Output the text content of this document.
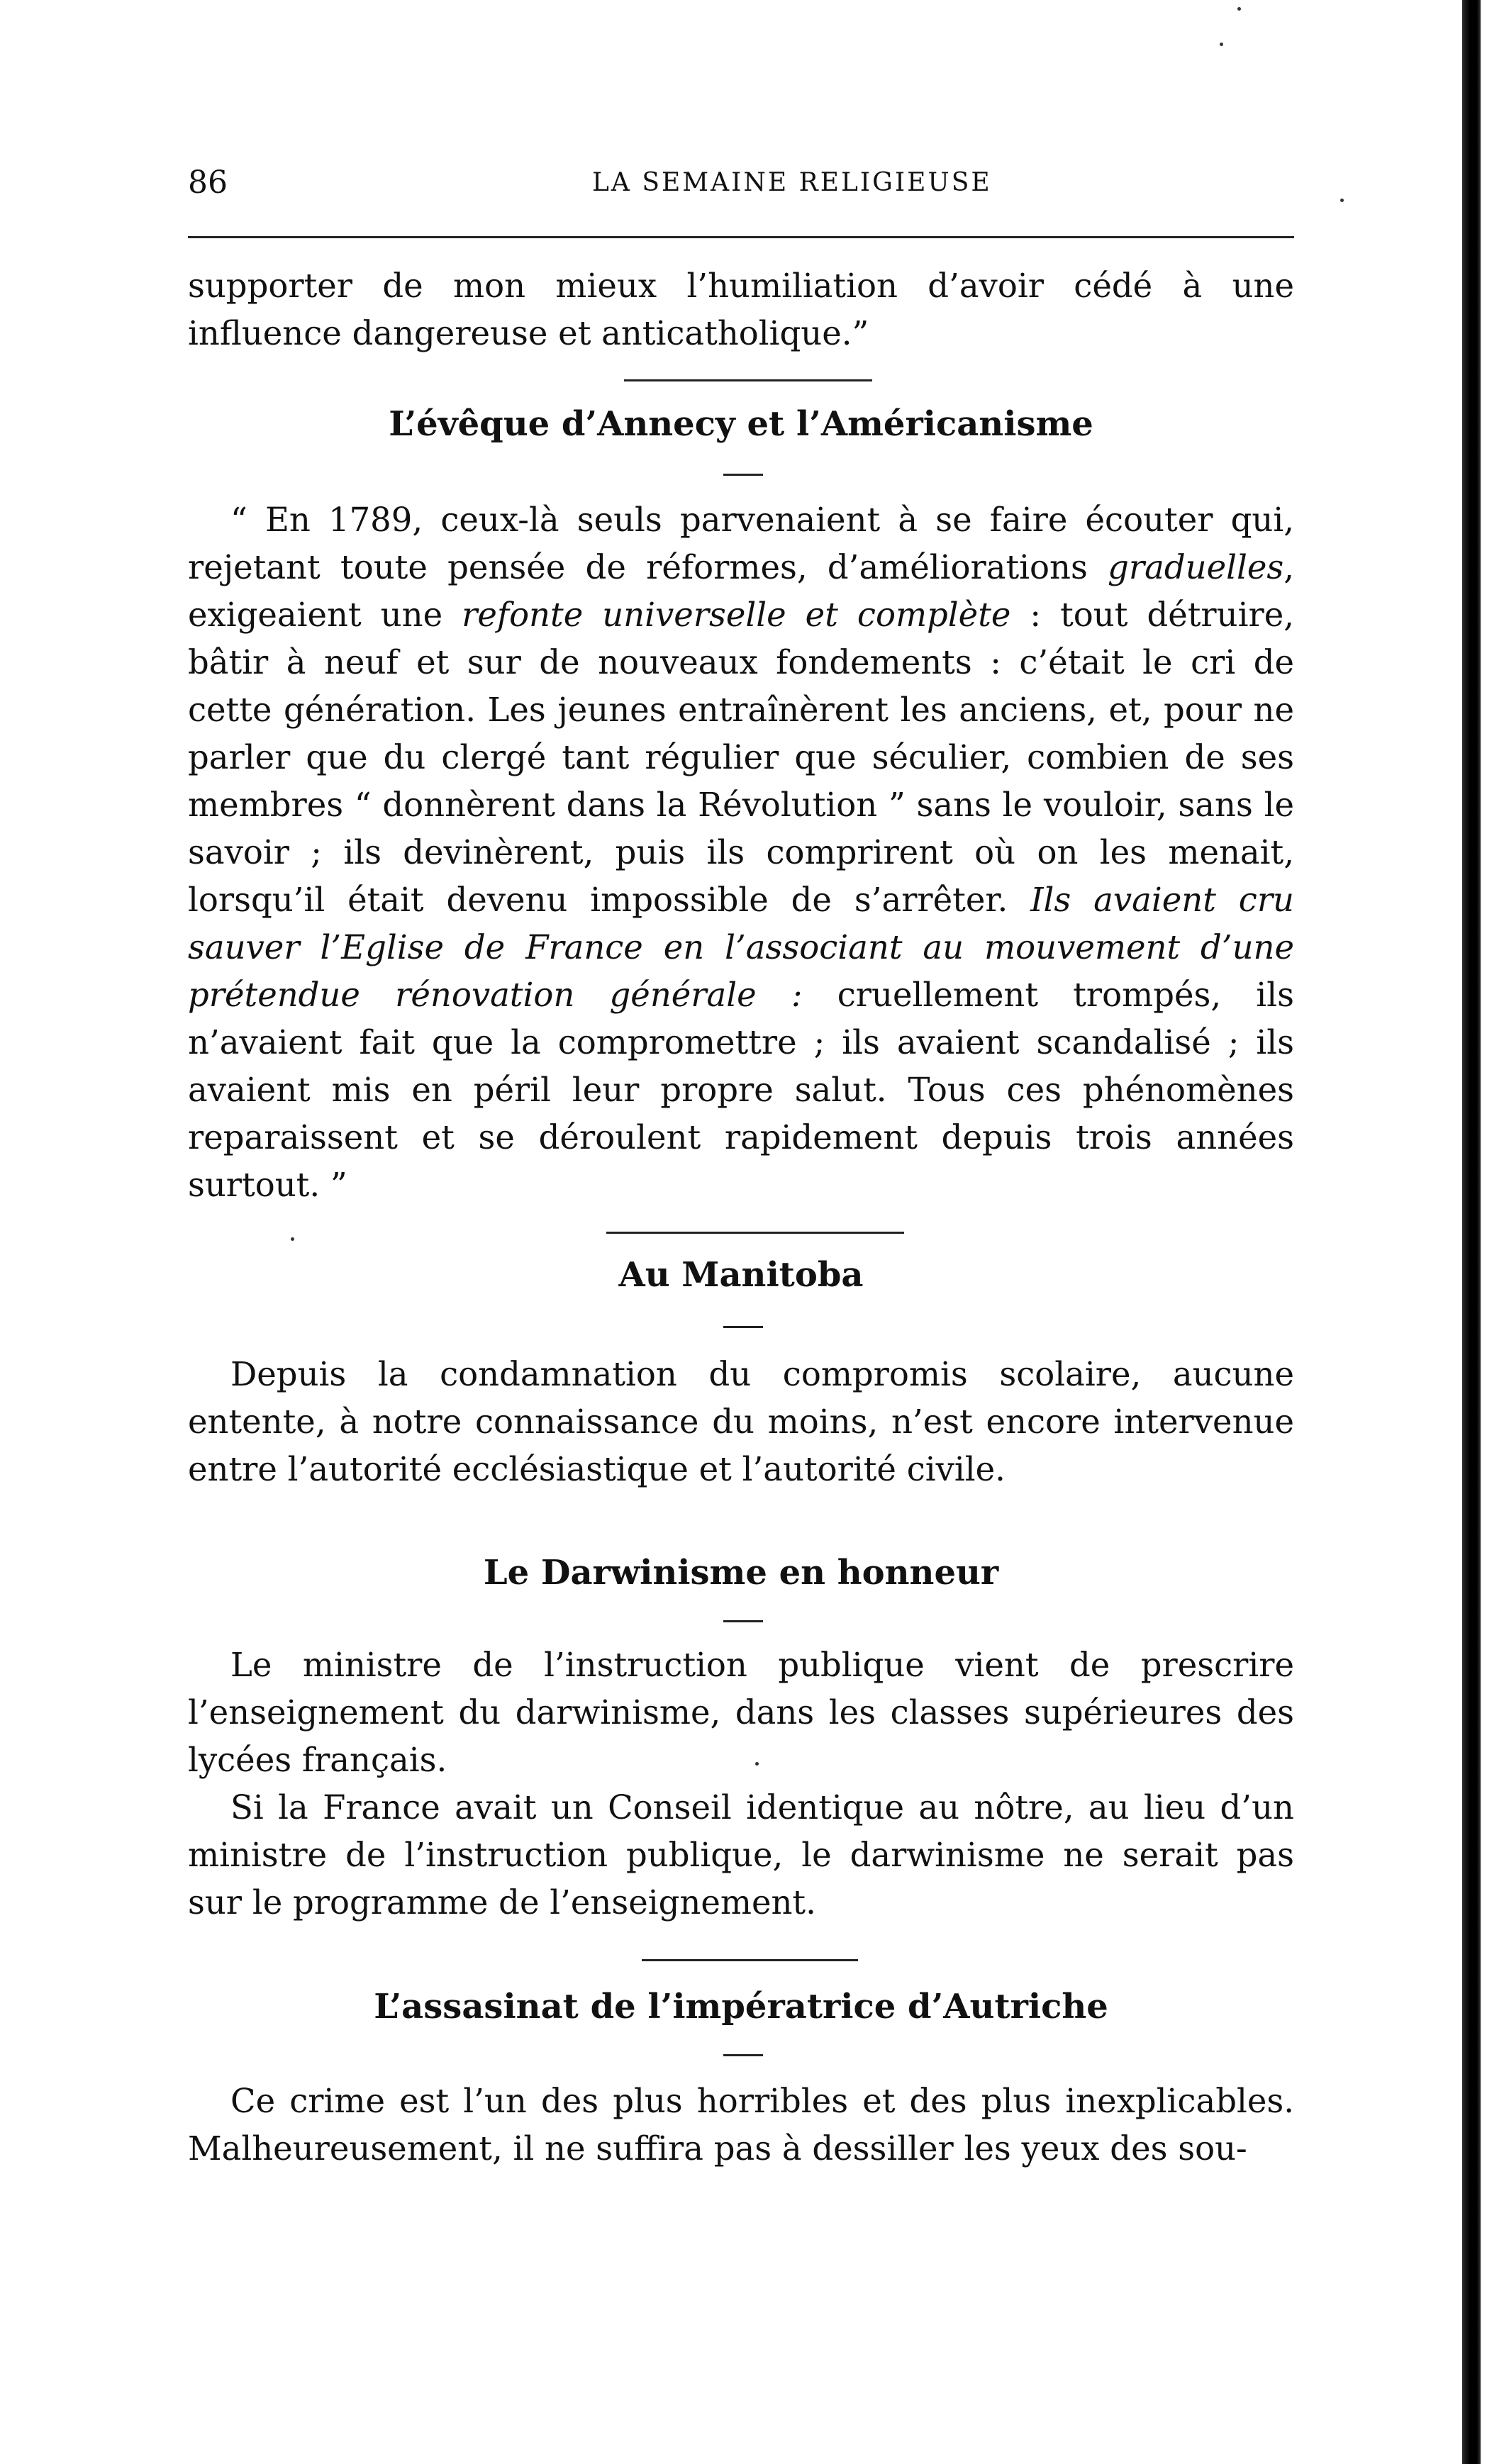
86	LA SEMAINE RELIGIEUSE

supporter de mon mieux l’humiliation d’avoir cédé à une influence dangereuse et anticatholique.”

L’évêque d’Annecy et l’Américanisme

“ En 1789, ceux-là seuls parvenaient à se faire écouter qui, rejetant toute pensée de réformes, d’améliorations graduelles, exigeaient une refonte universelle et complète : tout détruire, bâtir à neuf et sur de nouveaux fondements : c’était le cri de cette génération. Les jeunes entraînèrent les anciens, et, pour ne parler que du clergé tant régulier que séculier, combien de ses membres “ donnèrent dans la Révolution ” sans le vouloir, sans le savoir ; ils devinèrent, puis ils comprirent où on les menait, lorsqu’il était devenu impossible de s’arrêter. Ils avaient cru sauver l’Eglise de France en l’associant au mouvement d’une prétendue rénovation générale : cruellement trompés, ils n’avaient fait que la compromettre ; ils avaient scandalisé ; ils avaient mis en péril leur propre salut. Tous ces phénomènes reparaissent et se déroulent rapidement depuis trois années surtout. ”

Au Manitoba

Depuis la condamnation du compromis scolaire, aucune entente, à notre connaissance du moins, n’est encore intervenue entre l’autorité ecclésiastique et l’autorité civile.

Le Darwinisme en honneur

Le ministre de l’instruction publique vient de prescrire l’enseignement du darwinisme, dans les classes supérieures des lycées français.

Si la France avait un Conseil identique au nôtre, au lieu d’un ministre de l’instruction publique, le darwinisme ne serait pas sur le programme de l’enseignement.

L’assasinat de l’impératrice d’Autriche

Ce crime est l’un des plus horribles et des plus inexplicables. Malheureusement, il ne suffira pas à dessiller les yeux des sou-
